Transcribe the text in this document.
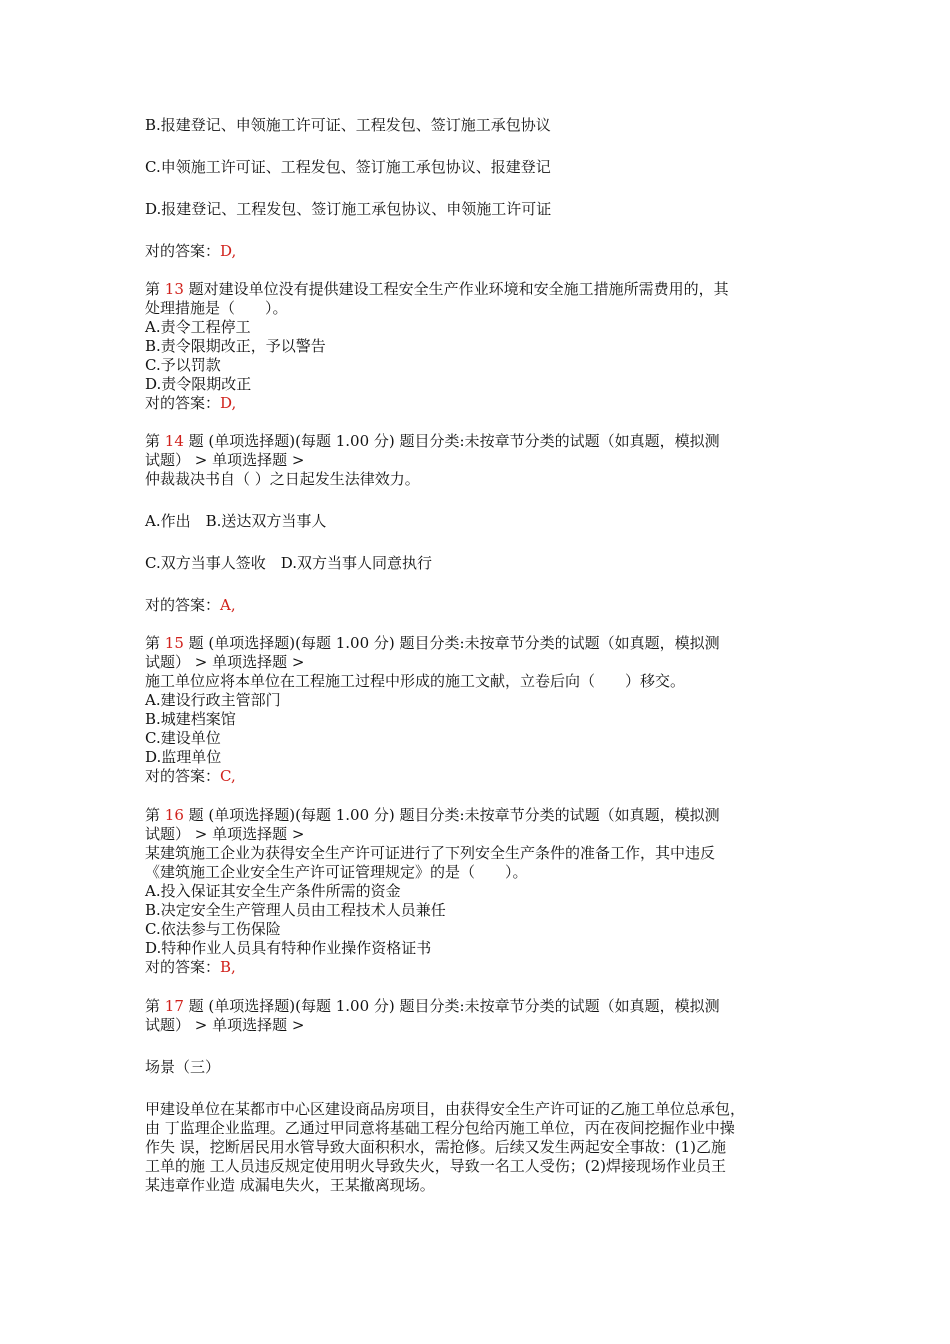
B.报建登记、申领施工许可证、工程发包、签订施工承包协议
C.申领施工许可证、工程发包、签订施工承包协议、报建登记
D.报建登记、工程发包、签订施工承包协议、申领施工许可证
对的答案：D,
第 13 题对建设单位没有提供建设工程安全生产作业环境和安全施工措施所需费用的，其
处理措施是（　　）。
A.责令工程停工
B.责令限期改正，予以警告
C.予以罚款
D.责令限期改正
对的答案：D,
第 14 题 (单项选择题)(每题 1.00 分) 题目分类:未按章节分类的试题（如真题，模拟测
试题） > 单项选择题 >
仲裁裁决书自（ ）之日起发生法律效力。
A.作出　B.送达双方当事人
C.双方当事人签收　D.双方当事人同意执行
对的答案：A,
第 15 题 (单项选择题)(每题 1.00 分) 题目分类:未按章节分类的试题（如真题，模拟测
试题） > 单项选择题 >
施工单位应将本单位在工程施工过程中形成的施工文献，立卷后向（　　）移交。
A.建设行政主管部门
B.城建档案馆
C.建设单位
D.监理单位
对的答案：C,
第 16 题 (单项选择题)(每题 1.00 分) 题目分类:未按章节分类的试题（如真题，模拟测
试题） > 单项选择题 >
某建筑施工企业为获得安全生产许可证进行了下列安全生产条件的准备工作，其中违反
《建筑施工企业安全生产许可证管理规定》的是（　　）。
A.投入保证其安全生产条件所需的资金
B.决定安全生产管理人员由工程技术人员兼任
C.依法参与工伤保险
D.特种作业人员具有特种作业操作资格证书
对的答案：B,
第 17 题 (单项选择题)(每题 1.00 分) 题目分类:未按章节分类的试题（如真题，模拟测
试题） > 单项选择题 >
场景（三）
甲建设单位在某都市中心区建设商品房项目，由获得安全生产许可证的乙施工单位总承包，
由 丁监理企业监理。乙通过甲同意将基础工程分包给丙施工单位，丙在夜间挖掘作业中操
作失 误，挖断居民用水管导致大面积积水，需抢修。后续又发生两起安全事故：(1)乙施
工单的施 工人员违反规定使用明火导致失火，导致一名工人受伤；(2)焊接现场作业员王
某违章作业造 成漏电失火，王某撤离现场。
